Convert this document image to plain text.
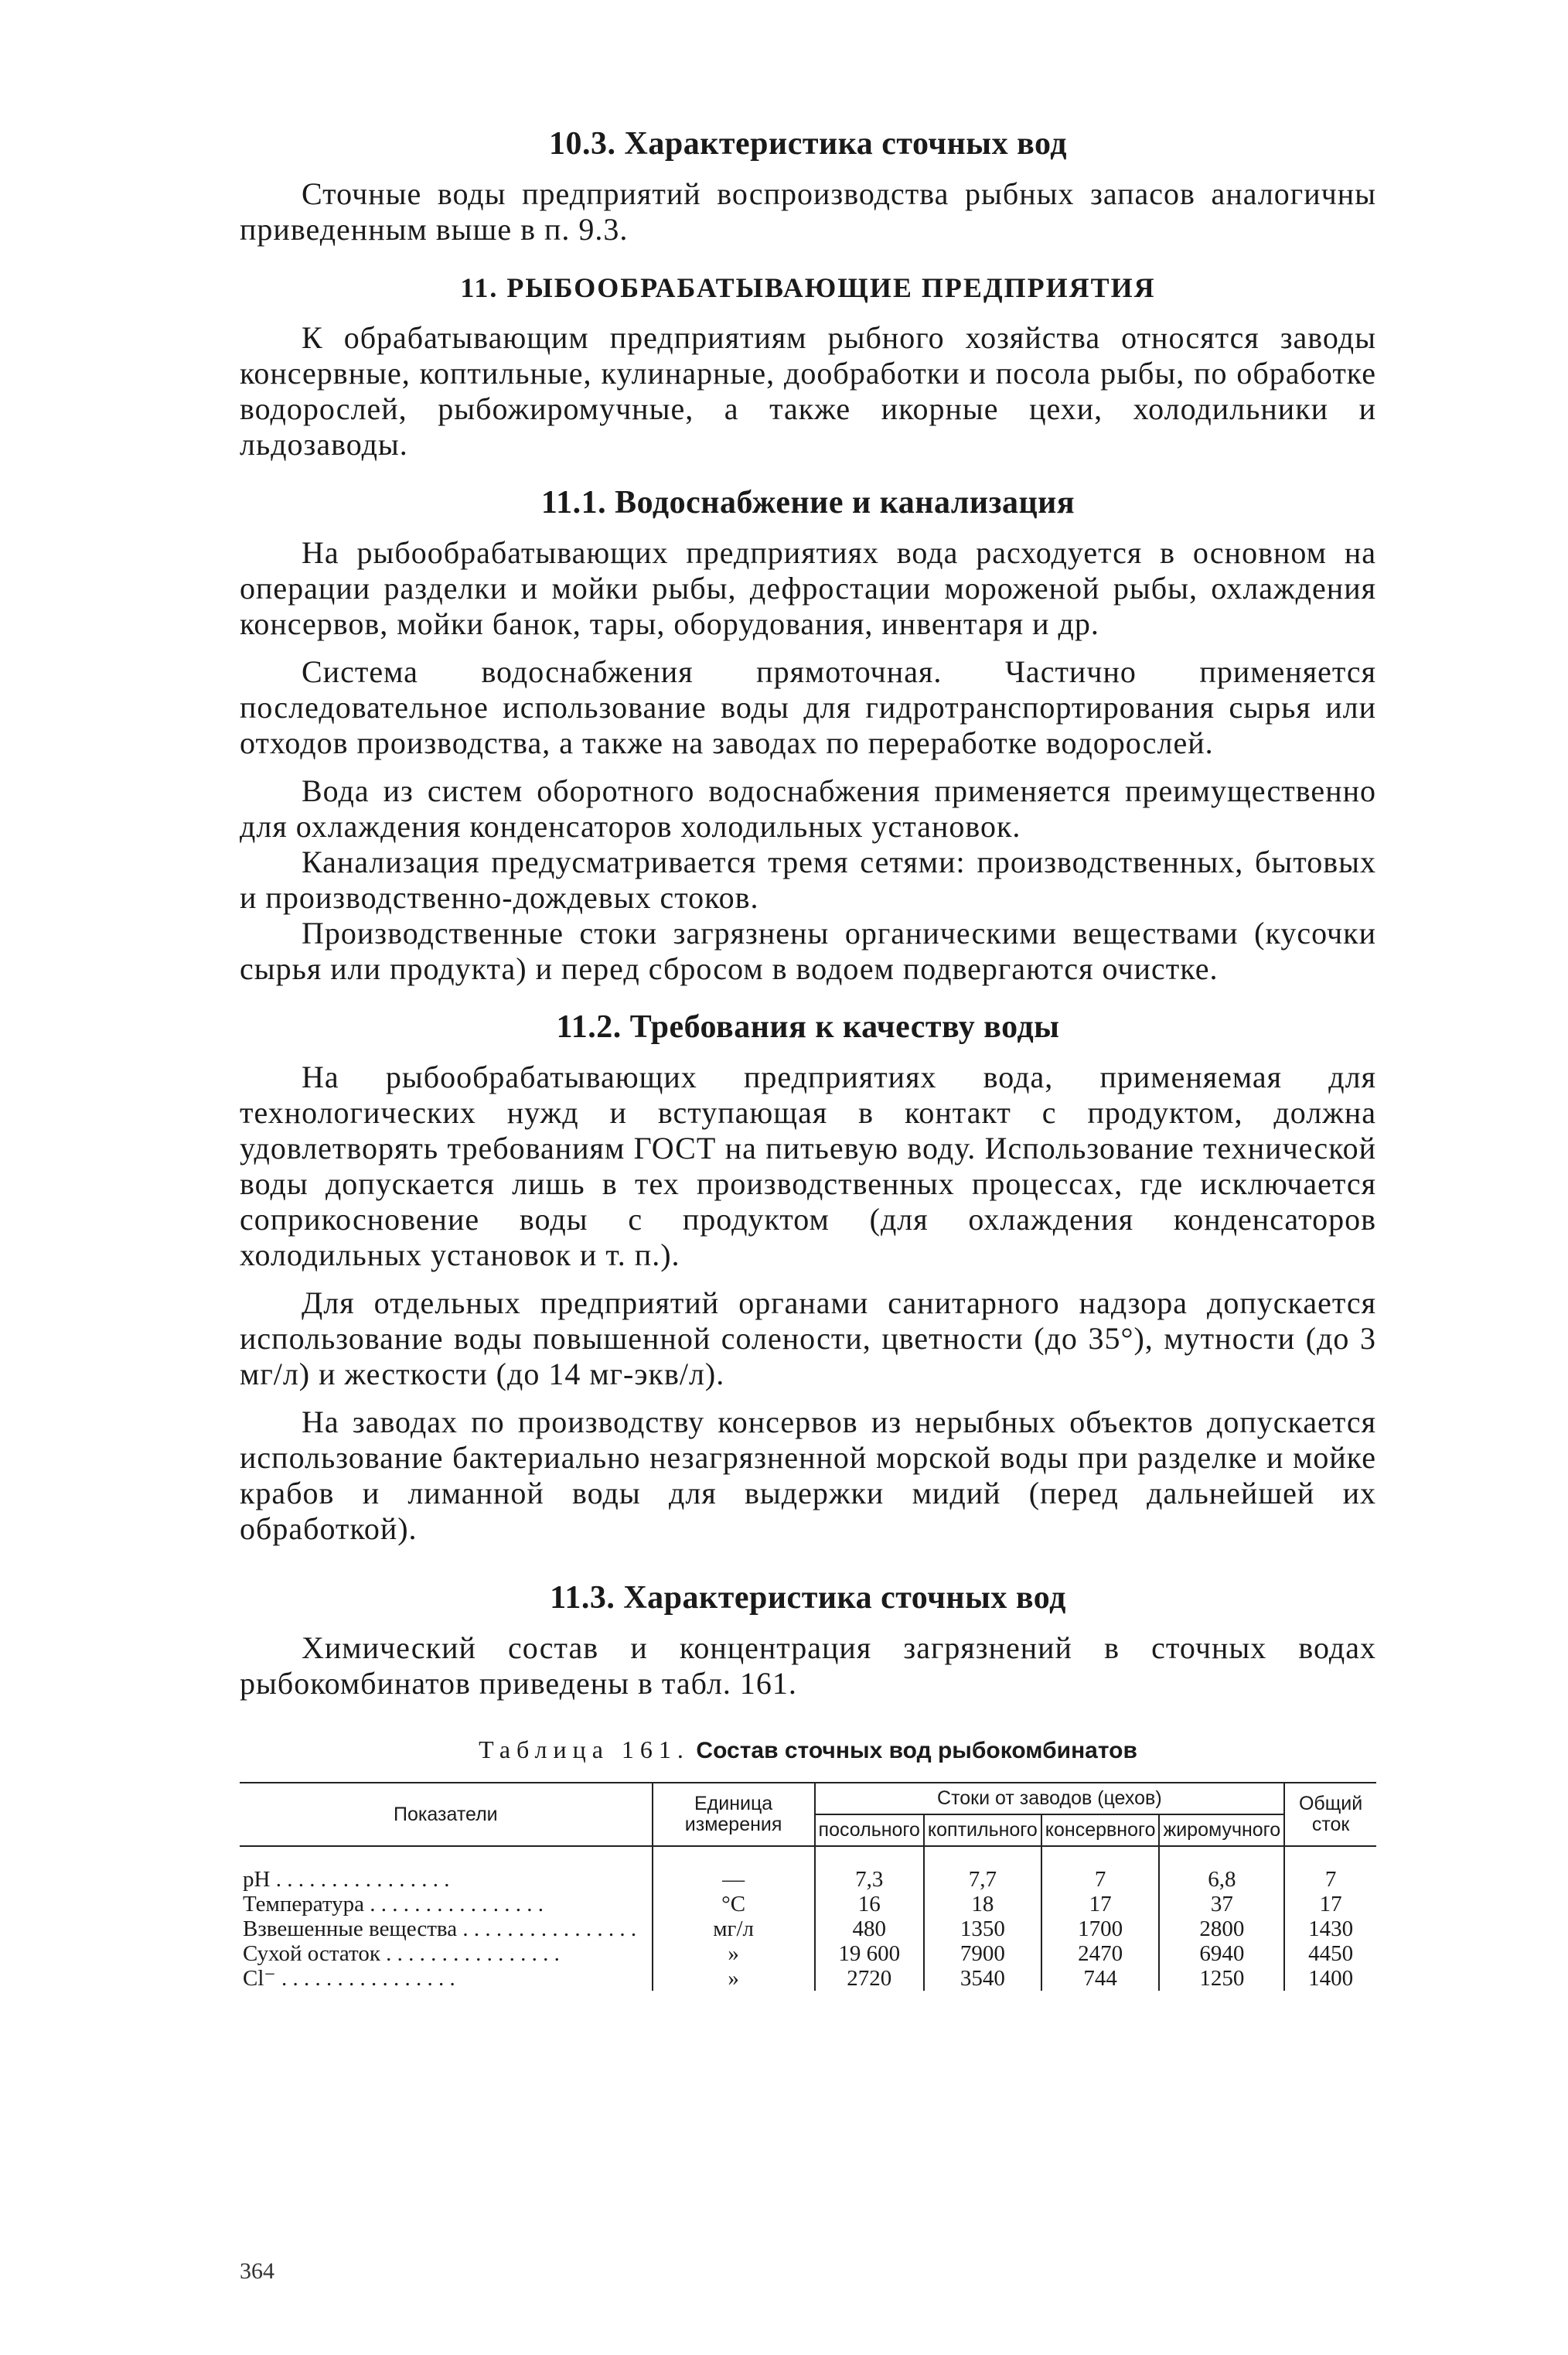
10.3. Характеристика сточных вод

Сточные воды предприятий воспроизводства рыбных запасов аналогичны приведенным выше в п. 9.3.

11. РЫБООБРАБАТЫВАЮЩИЕ ПРЕДПРИЯТИЯ

К обрабатывающим предприятиям рыбного хозяйства относятся заводы консервные, коптильные, кулинарные, дообработки и посола рыбы, по обработке водорослей, рыбожиромучные, а также икорные цехи, холодильники и льдозаводы.

11.1. Водоснабжение и канализация

На рыбообрабатывающих предприятиях вода расходуется в основном на операции разделки и мойки рыбы, дефростации мороженой рыбы, охлаждения консервов, мойки банок, тары, оборудования, инвентаря и др.

Система водоснабжения прямоточная. Частично применяется последовательное использование воды для гидротранспортирования сырья или отходов производства, а также на заводах по переработке водорослей.

Вода из систем оборотного водоснабжения применяется преимущественно для охлаждения конденсаторов холодильных установок.

Канализация предусматривается тремя сетями: производственных, бытовых и производственно-дождевых стоков.

Производственные стоки загрязнены органическими веществами (кусочки сырья или продукта) и перед сбросом в водоем подвергаются очистке.

11.2. Требования к качеству воды

На рыбообрабатывающих предприятиях вода, применяемая для технологических нужд и вступающая в контакт с продуктом, должна удовлетворять требованиям ГОСТ на питьевую воду. Использование технической воды допускается лишь в тех производственных процессах, где исключается соприкосновение воды с продуктом (для охлаждения конденсаторов холодильных установок и т. п.).

Для отдельных предприятий органами санитарного надзора допускается использование воды повышенной солености, цветности (до 35°), мутности (до 3 мг/л) и жесткости (до 14 мг-экв/л).

На заводах по производству консервов из нерыбных объектов допускается использование бактериально незагрязненной морской воды при разделке и мойке крабов и лиманной воды для выдержки мидий (перед дальнейшей их обработкой).

11.3. Характеристика сточных вод

Химический состав и концентрация загрязнений в сточных водах рыбокомбинатов приведены в табл. 161.

Таблица 161. Состав сточных вод рыбокомбинатов
Показатели	Единица измерения	Стоки от заводов (цехов)				Общий сток
		посольного	коптильного	консервного	жиромучного	

pH . . .	—	7,3	7,7	7	6,8	7
Температура . . .	°C	16	18	17	37	17
Взвешенные вещества . . .	мг/л	480	1350	1700	2800	1430
Сухой остаток . . .	»	19 600	7900	2470	6940	4450
Cl⁻ . . .	»	2720	3540	744	1250	1400
364
